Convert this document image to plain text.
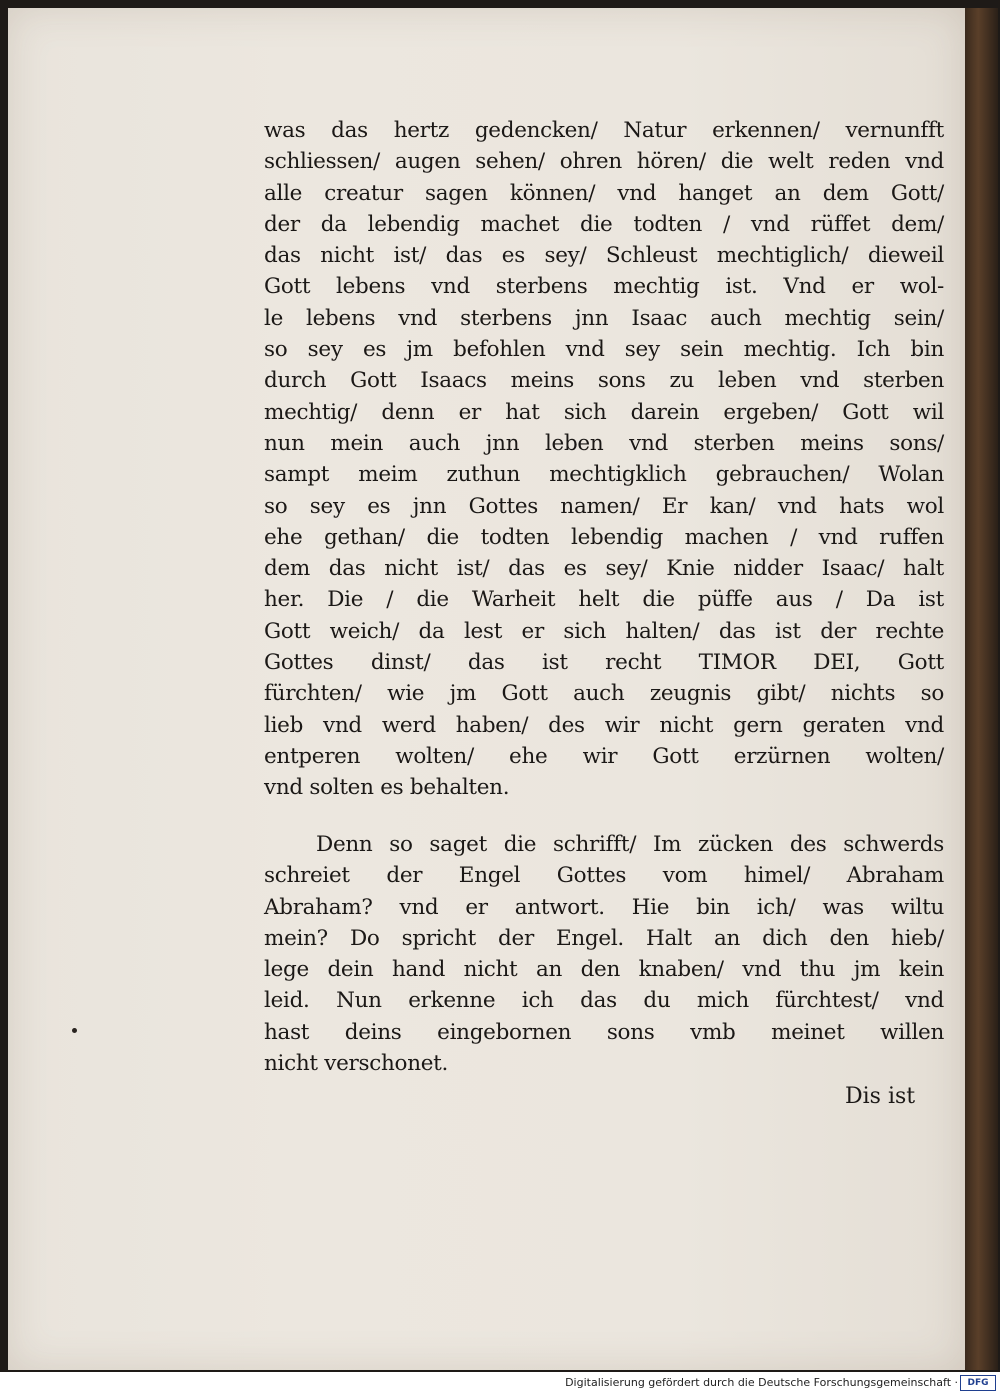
was das hertz gedencken/ Natur erkennen/ vernunfft
schliessen/ augen sehen/ ohren hören/ die welt reden vnd
alle creatur sagen können/ vnd hanget an dem Gott/
der da lebendig machet die todten / vnd rüffet dem/
das nicht ist/ das es sey/ Schleust mechtiglich/ dieweil
Gott lebens vnd sterbens mechtig ist. Vnd er wol-
le lebens vnd sterbens jnn Isaac auch mechtig sein/
so sey es jm befohlen vnd sey sein mechtig. Ich bin
durch Gott Isaacs meins sons zu leben vnd sterben
mechtig/ denn er hat sich darein ergeben/ Gott wil
nun mein auch jnn leben vnd sterben meins sons/
sampt meim zuthun mechtigklich gebrauchen/ Wolan
so sey es jnn Gottes namen/ Er kan/ vnd hats wol
ehe gethan/ die todten lebendig machen / vnd ruffen
dem das nicht ist/ das es sey/ Knie nidder Isaac/ halt
her. Die / die Warheit helt die püffe aus / Da ist
Gott weich/ da lest er sich halten/ das ist der rechte
Gottes dinst/ das ist recht TIMOR DEI, Gott
fürchten/ wie jm Gott auch zeugnis gibt/ nichts so
lieb vnd werd haben/ des wir nicht gern geraten vnd
entperen wolten/ ehe wir Gott erzürnen wolten/
vnd solten es behalten.
Denn so saget die schrifft/ Im zücken des schwerds
schreiet der Engel Gottes vom himel/ Abraham
Abraham? vnd er antwort. Hie bin ich/ was wiltu
mein? Do spricht der Engel. Halt an dich den hieb/
lege dein hand nicht an den knaben/ vnd thu jm kein
leid. Nun erkenne ich das du mich fürchtest/ vnd
hast deins eingebornen sons vmb meinet willen
nicht verschonet.
Dis ist
Digitalisierung gefördert durch die Deutsche Forschungsgemeinschaft ·	DFG
